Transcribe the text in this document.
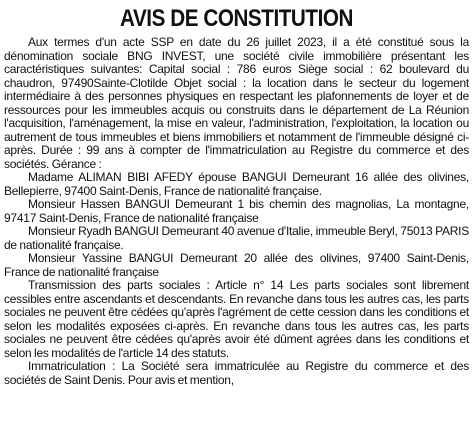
AVIS DE CONSTITUTION

Aux termes d'un acte SSP en date du 26 juillet 2023, il a été constitué sous la dénomination sociale BNG INVEST, une société civile immobilière présentant les caractéristiques suivantes: Capital social : 786 euros Siège social : 62 boulevard du chaudron, 97490Sainte-Clotilde Objet social : la location dans le secteur du logement intermédiaire à des personnes physiques en respectant les plafonnements de loyer et de ressources pour les immeubles acquis ou construits dans le département de La Réunion l'acquisition, l'aménagement, la mise en valeur, l'administration, l'exploitation, la location ou autrement de tous immeubles et biens immobiliers et notamment de l'immeuble désigné ci-après. Durée : 99 ans à compter de l'immatriculation au Registre du commerce et des sociétés. Gérance :

Madame ALIMAN BIBI AFEDY épouse BANGUI Demeurant 16 allée des olivines, Bellepierre, 97400 Saint-Denis, France de nationalité française.

Monsieur Hassen BANGUI Demeurant 1 bis chemin des magnolias, La montagne, 97417 Saint-Denis, France de nationalité française

Monsieur Ryadh BANGUI Demeurant 40 avenue d'Italie, immeuble Beryl, 75013 PARIS de nationalité française.

Monsieur Yassine BANGUI Demeurant 20 allée des olivines, 97400 Saint-Denis, France de nationalité française

Transmission des parts sociales : Article n° 14 Les parts sociales sont librement cessibles entre ascendants et descendants. En revanche dans tous les autres cas, les parts sociales ne peuvent être cédées qu'après l'agrément de cette cession dans les conditions et selon les modalités exposées ci-après. En revanche dans tous les autres cas, les parts sociales ne peuvent être cédées qu'après avoir été dûment agrées dans les conditions et selon les modalités de l'article 14 des statuts.

Immatriculation : La Société sera immatriculée au Registre du commerce et des sociétés de Saint Denis. Pour avis et mention,
